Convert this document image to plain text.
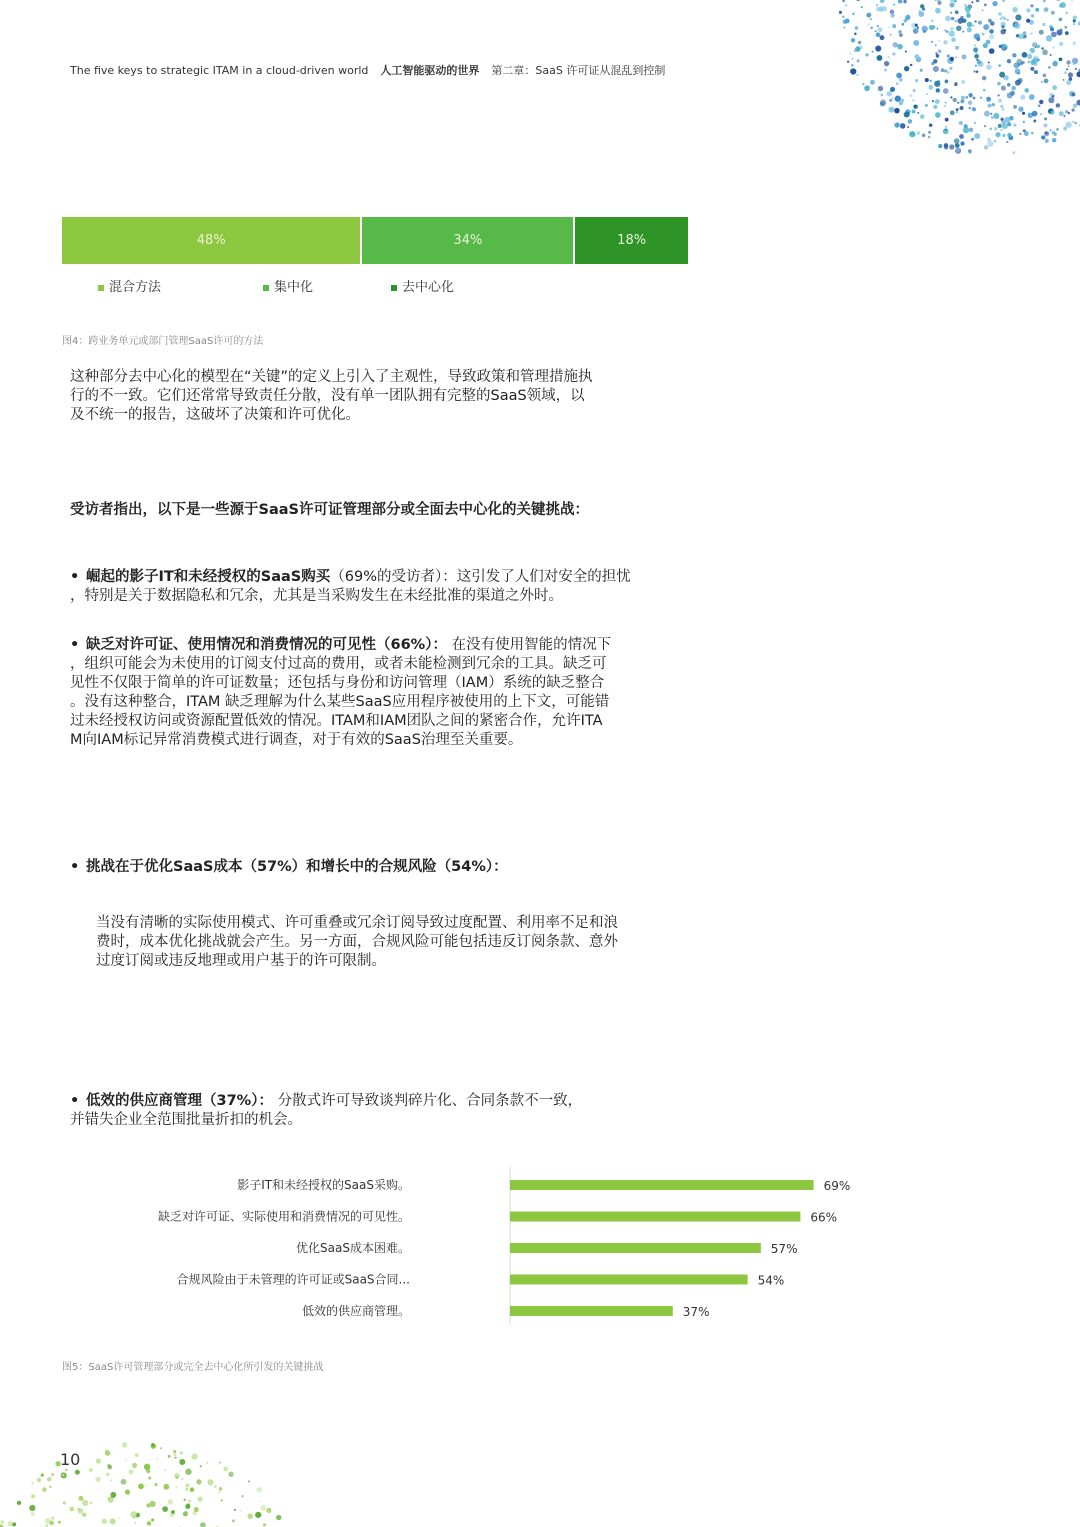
The five keys to strategic ITAM in a cloud-driven world 人工智能驱动的世界 第二章：SaaS 许可证从混乱到控制
48%	34%	18%
混合方法	集中化	去中心化
图4：跨业务单元或部门管理SaaS许可的方法
这种部分去中心化的模型在“关键”的定义上引入了主观性，导致政策和管理措施执
行的不一致。它们还常常导致责任分散，没有单一团队拥有完整的SaaS领域，以
及不统一的报告，这破坏了决策和许可优化。
受访者指出，以下是一些源于SaaS许可证管理部分或全面去中心化的关键挑战：
• 崛起的影子IT和未经授权的SaaS购买（69%的受访者）：这引发了人们对安全的担忧
，特别是关于数据隐私和冗余，尤其是当采购发生在未经批准的渠道之外时。
• 缺乏对许可证、使用情况和消费情况的可见性（66%）： 在没有使用智能的情况下
，组织可能会为未使用的订阅支付过高的费用，或者未能检测到冗余的工具。缺乏可
见性不仅限于简单的许可证数量；还包括与身份和访问管理（IAM）系统的缺乏整合
。没有这种整合，ITAM 缺乏理解为什么某些SaaS应用程序被使用的上下文，可能错
过未经授权访问或资源配置低效的情况。ITAM和IAM团队之间的紧密合作，允许ITA
M向IAM标记异常消费模式进行调查，对于有效的SaaS治理至关重要。
• 挑战在于优化SaaS成本（57%）和增长中的合规风险（54%）：
当没有清晰的实际使用模式、许可重叠或冗余订阅导致过度配置、利用率不足和浪
费时，成本优化挑战就会产生。另一方面，合规风险可能包括违反订阅条款、意外
过度订阅或违反地理或用户基于的许可限制。
• 低效的供应商管理（37%）： 分散式许可导致谈判碎片化、合同条款不一致，
并错失企业全范围批量折扣的机会。
影子IT和未经授权的SaaS采购。	69%
缺乏对许可证、实际使用和消费情况的可见性。	66%
优化SaaS成本困难。	57%
合规风险由于未管理的许可证或SaaS合同...	54%
低效的供应商管理。	37%
图5：SaaS许可管理部分或完全去中心化所引发的关键挑战
10
